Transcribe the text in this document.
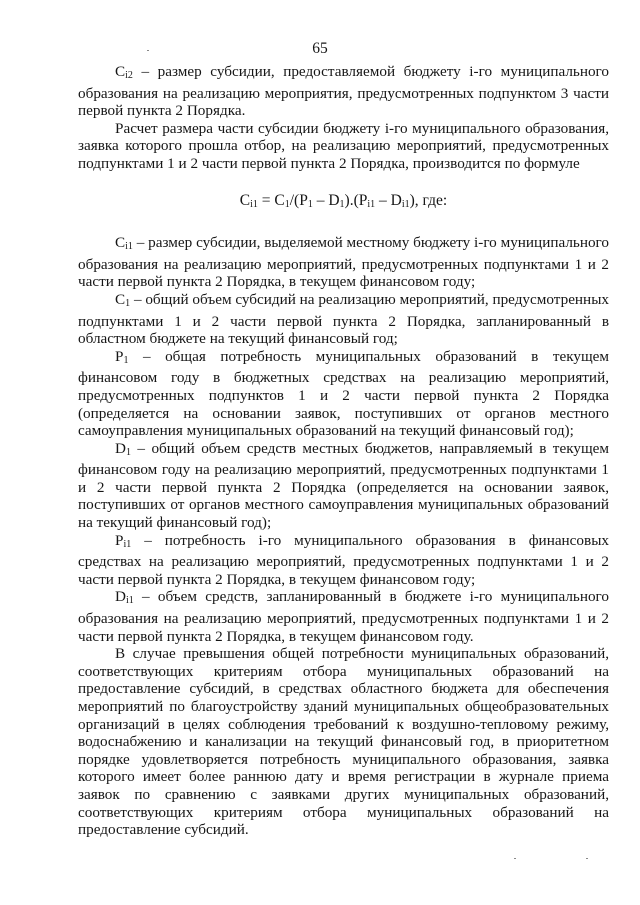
65

$C_{i2}$ – размер субсидии, предоставляемой бюджету i-го муниципального образования на реализацию мероприятия, предусмотренных подпунктом 3 части первой пункта 2 Порядка.

Расчет размера части субсидии бюджету i-го муниципального образования, заявка которого прошла отбор, на реализацию мероприятий, предусмотренных подпунктами 1 и 2 части первой пункта 2 Порядка, производится по формуле

$C_{i1} = C_1/(P_1 - D_1).(P_{i1} - D_{i1})$, где:

$C_{i1}$ – размер субсидии, выделяемой местному бюджету i-го муниципального образования на реализацию мероприятий, предусмотренных подпунктами 1 и 2 части первой пункта 2 Порядка, в текущем финансовом году;

$C_1$ – общий объем субсидий на реализацию мероприятий, предусмотренных подпунктами 1 и 2 части первой пункта 2 Порядка, запланированный в областном бюджете на текущий финансовый год;

$P_1$ – общая потребность муниципальных образований в текущем финансовом году в бюджетных средствах на реализацию мероприятий, предусмотренных подпунктов 1 и 2 части первой пункта 2 Порядка (определяется на основании заявок, поступивших от органов местного самоуправления муниципальных образований на текущий финансовый год);

$D_1$ – общий объем средств местных бюджетов, направляемый в текущем финансовом году на реализацию мероприятий, предусмотренных подпунктами 1 и 2 части первой пункта 2 Порядка (определяется на основании заявок, поступивших от органов местного самоуправления муниципальных образований на текущий финансовый год);

$P_{i1}$ – потребность i-го муниципального образования в финансовых средствах на реализацию мероприятий, предусмотренных подпунктами 1 и 2 части первой пункта 2 Порядка, в текущем финансовом году;

$D_{i1}$ – объем средств, запланированный в бюджете i-го муниципального образования на реализацию мероприятий, предусмотренных подпунктами 1 и 2 части первой пункта 2 Порядка, в текущем финансовом году.

В случае превышения общей потребности муниципальных образований, соответствующих критериям отбора муниципальных образований на предоставление субсидий, в средствах областного бюджета для обеспечения мероприятий по благоустройству зданий муниципальных общеобразовательных организаций в целях соблюдения требований к воздушно-тепловому режиму, водоснабжению и канализации на текущий финансовый год, в приоритетном порядке удовлетворяется потребность муниципального образования, заявка которого имеет более раннюю дату и время регистрации в журнале приема заявок по сравнению с заявками других муниципальных образований, соответствующих критериям отбора муниципальных образований на предоставление субсидий.
